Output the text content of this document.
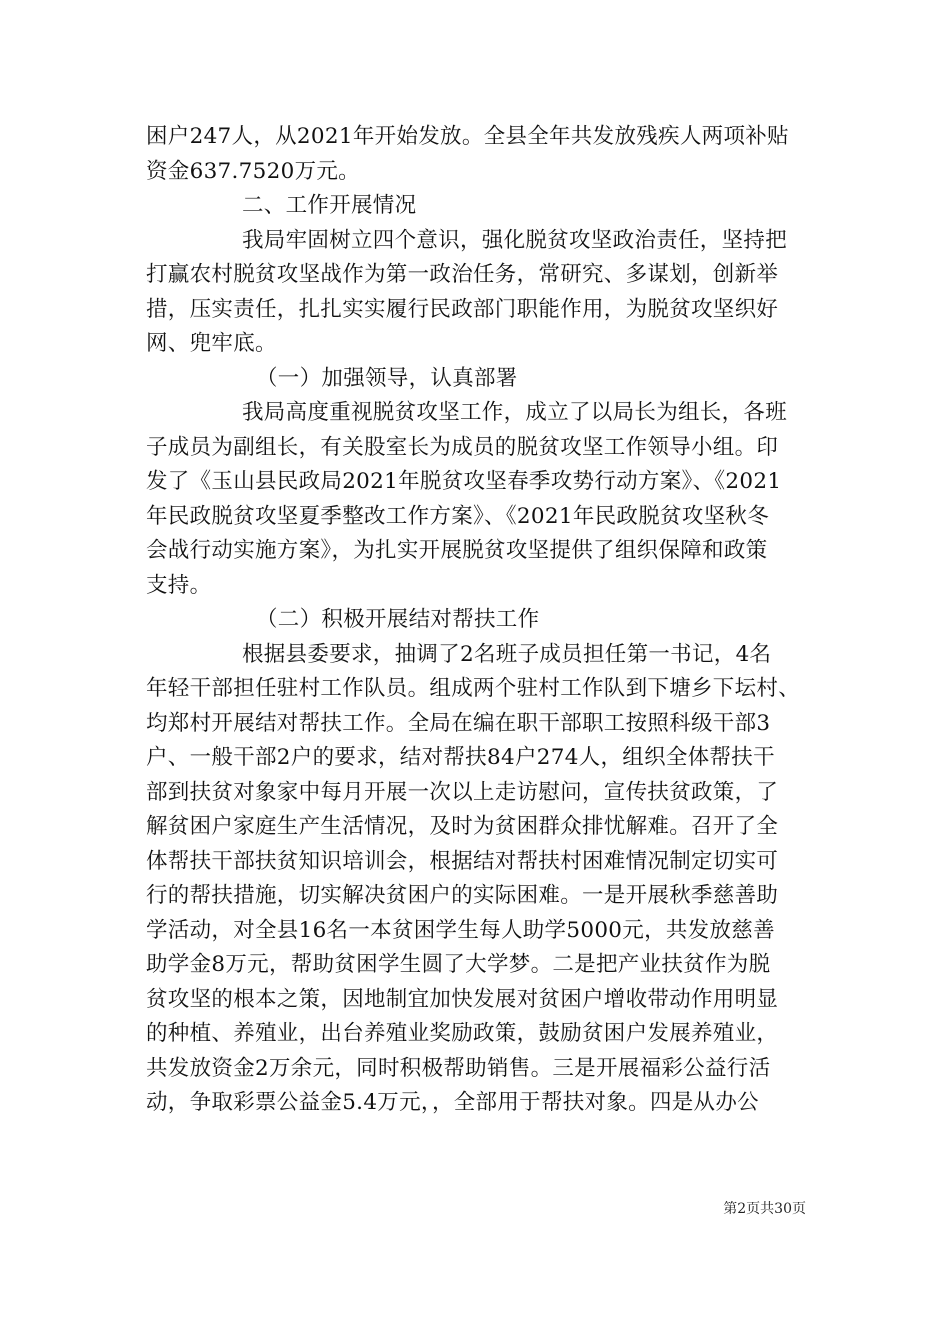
困户247人，从2021年开始发放。全县全年共发放残疾人两项补贴
资金637.7520万元。
二、工作开展情况
我局牢固树立四个意识，强化脱贫攻坚政治责任，坚持把
打赢农村脱贫攻坚战作为第一政治任务，常研究、多谋划，创新举
措，压实责任，扎扎实实履行民政部门职能作用，为脱贫攻坚织好
网、兜牢底。
（一）加强领导，认真部署
我局高度重视脱贫攻坚工作，成立了以局长为组长，各班
子成员为副组长，有关股室长为成员的脱贫攻坚工作领导小组。印
发了《玉山县民政局2021年脱贫攻坚春季攻势行动方案》、《2021
年民政脱贫攻坚夏季整改工作方案》、《2021年民政脱贫攻坚秋冬
会战行动实施方案》，为扎实开展脱贫攻坚提供了组织保障和政策
支持。
（二）积极开展结对帮扶工作
根据县委要求，抽调了2名班子成员担任第一书记，4名
年轻干部担任驻村工作队员。组成两个驻村工作队到下塘乡下坛村、
均郑村开展结对帮扶工作。全局在编在职干部职工按照科级干部3
户、一般干部2户的要求，结对帮扶84户274人，组织全体帮扶干
部到扶贫对象家中每月开展一次以上走访慰问，宣传扶贫政策，了
解贫困户家庭生产生活情况，及时为贫困群众排忧解难。召开了全
体帮扶干部扶贫知识培训会，根据结对帮扶村困难情况制定切实可
行的帮扶措施，切实解决贫困户的实际困难。一是开展秋季慈善助
学活动，对全县16名一本贫困学生每人助学5000元，共发放慈善
助学金8万元，帮助贫困学生圆了大学梦。二是把产业扶贫作为脱
贫攻坚的根本之策，因地制宜加快发展对贫困户增收带动作用明显
的种植、养殖业，出台养殖业奖励政策，鼓励贫困户发展养殖业，
共发放资金2万余元，同时积极帮助销售。三是开展福彩公益行活
动，争取彩票公益金5.4万元，，全部用于帮扶对象。四是从办公
第2页共30页
